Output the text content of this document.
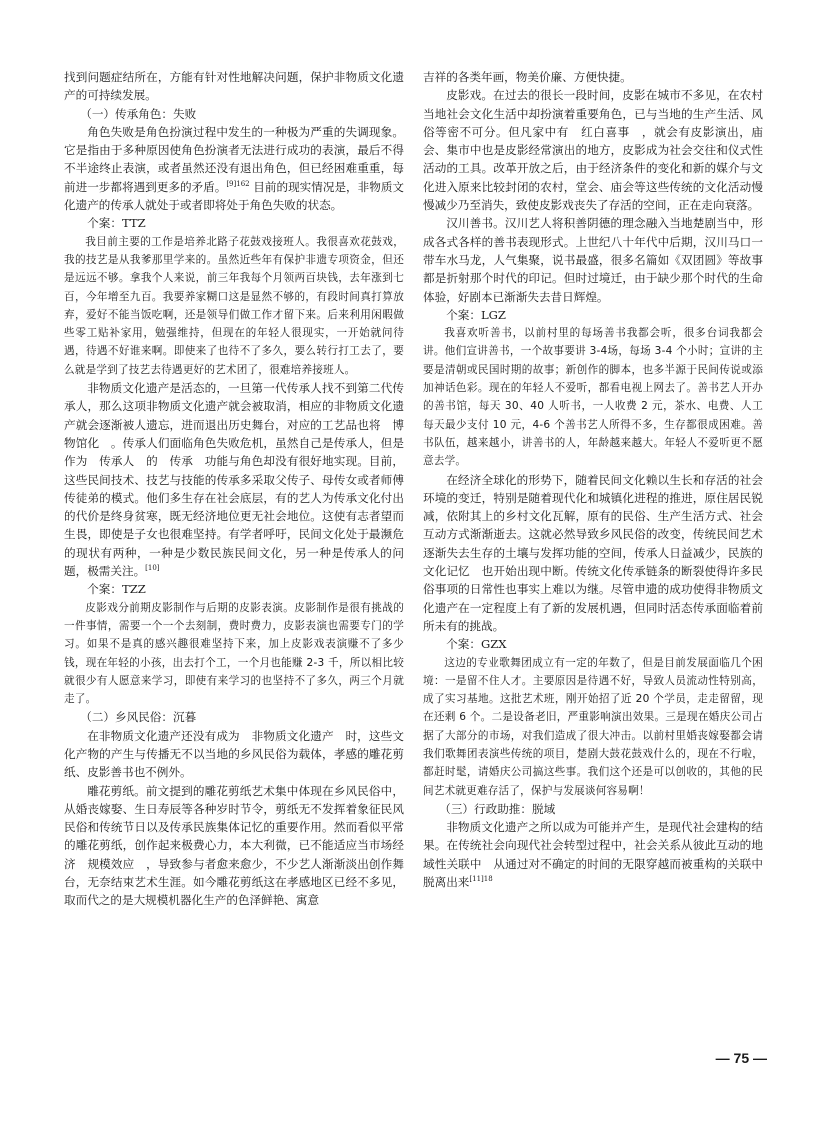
找到问题症结所在，方能有针对性地解决问题，保护非物质文化遗产的可持续发展。

（一）传承角色：失败

角色失败是角色扮演过程中发生的一种极为严重的失调现象。它是指由于多种原因使角色扮演者无法进行成功的表演，最后不得不半途终止表演，或者虽然还没有退出角色，但已经困难重重，每前进一步都将遇到更多的矛盾。$^{[9]162}$ 目前的现实情况是，非物质文化遗产的传承人就处于或者即将处于角色失败的状态。

个案：TTZ

我目前主要的工作是培养北路子花鼓戏接班人。我很喜欢花鼓戏，我的技艺是从我爹那里学来的。虽然近些年有保护非遗专项资金，但还是远远不够。拿我个人来说，前三年我每个月领两百块钱，去年涨到七百，今年增至九百。我要养家糊口这是显然不够的，有段时间真打算放弃，爱好不能当饭吃啊，还是领导们做工作才留下来。后来利用闲暇做些零工贴补家用，勉强维持，但现在的年轻人很现实，一开始就问待遇，待遇不好谁来啊。即使来了也待不了多久，要么转行打工去了，要么就是学到了技艺去待遇更好的艺术团了，很难培养接班人。

非物质文化遗产是活态的，一旦第一代传承人找不到第二代传承人，那么这项非物质文化遗产就会被取消，相应的非物质文化遗产就会逐渐被人遗忘，进而退出历史舞台，对应的工艺品也将　博物馆化　。传承人们面临角色失败危机，虽然自己是传承人，但是作为　传承人　的　传承　功能与角色却没有很好地实现。目前，这些民间技术、技艺与技能的传承多采取父传子、母传女或者师傅传徒弟的模式。他们多生存在社会底层，有的艺人为传承文化付出的代价是终身贫寒，既无经济地位更无社会地位。这使有志者望而生畏，即使是子女也很难坚持。有学者呼吁，民间文化处于最濒危的现状有两种，一种是少数民族民间文化，另一种是传承人的问题，极需关注。[10]

个案：TZZ

皮影戏分前期皮影制作与后期的皮影表演。皮影制作是很有挑战的一件事情，需要一个一个去刻制，费时费力，皮影表演也需要专门的学习。如果不是真的感兴趣很难坚持下来，加上皮影戏表演赚不了多少钱，现在年轻的小孩，出去打个工，一个月也能赚 2-3 千，所以相比较就很少有人愿意来学习，即使有来学习的也坚持不了多久，两三个月就走了。

（二）乡风民俗：沉暮

在非物质文化遗产还没有成为　非物质文化遗产　时，这些文化产物的产生与传播无不以当地的乡风民俗为载体，孝感的雕花剪纸、皮影善书也不例外。

雕花剪纸。前文提到的雕花剪纸艺术集中体现在乡风民俗中，从婚丧嫁娶、生日寿辰等各种岁时节令，剪纸无不发挥着象征民风民俗和传统节日以及传承民族集体记忆的重要作用。然而看似平常的雕花剪纸，创作起来极费心力，本大利微，已不能适应当市场经济　规模效应　，导致参与者愈来愈少，不少艺人渐渐淡出创作舞台，无奈结束艺术生涯。如今雕花剪纸这在孝感地区已经不多见，取而代之的是大规模机器化生产的色泽鲜艳、寓意

吉祥的各类年画，物美价廉、方便快捷。

皮影戏。在过去的很长一段时间，皮影在城市不多见，在农村当地社会文化生活中却扮演着重要角色，已与当地的生产生活、风俗等密不可分。但凡家中有　红白喜事　，就会有皮影演出，庙会、集市中也是皮影经常演出的地方，皮影成为社会交往和仪式性活动的工具。改革开放之后，由于经济条件的变化和新的媒介与文化进入原来比较封闭的农村，堂会、庙会等这些传统的文化活动慢慢减少乃至消失，致使皮影戏丧失了存活的空间，正在走向衰落。

汉川善书。汉川艺人将积善阴德的理念融入当地楚剧当中，形成各式各样的善书表现形式。上世纪八十年代中后期，汉川马口一带车水马龙，人气集聚，说书最盛，很多名篇如《双团圆》等故事都是折射那个时代的印记。但时过境迁，由于缺少那个时代的生命体验，好剧本已渐渐失去昔日辉煌。

个案：LGZ

我喜欢听善书，以前村里的每场善书我都会听，很多台词我都会讲。他们宣讲善书，一个故事要讲 3-4场，每场 3-4 个小时；宣讲的主要是清朝或民国时期的故事；新创作的脚本，也多半源于民间传说或添加神话色彩。现在的年轻人不爱听，都看电视上网去了。善书艺人开办的善书馆，每天 30、40 人听书，一人收费 2 元，茶水、电费、人工每天最少支付 10 元，4-6 个善书艺人所得不多，生存都很成困难。善书队伍，越来越小，讲善书的人，年龄越来越大。年轻人不爱听更不愿意去学。

在经济全球化的形势下，随着民间文化赖以生长和存活的社会环境的变迁，特别是随着现代化和城镇化进程的推进，原住居民锐减，依附其上的乡村文化瓦解，原有的民俗、生产生活方式、社会互动方式渐渐逝去。这就必然导致乡风民俗的改变，传统民间艺术逐渐失去生存的土壤与发挥功能的空间，传承人日益减少，民族的　文化记忆　也开始出现中断。传统文化传承链条的断裂使得许多民俗事项的日常性也事实上难以为继。尽管申遗的成功使得非物质文化遗产在一定程度上有了新的发展机遇，但同时活态传承面临着前所未有的挑战。

个案：GZX

这边的专业歌舞团成立有一定的年数了，但是目前发展面临几个困境：一是留不住人才。主要原因是待遇不好，导致人员流动性特别高，成了实习基地。这批艺术班，刚开始招了近 20 个学员，走走留留，现在还剩 6 个。二是设备老旧，严重影响演出效果。三是现在婚庆公司占据了大部分的市场，对我们造成了很大冲击。以前村里婚丧嫁娶都会请我们歌舞团表演些传统的项目，楚剧大鼓花鼓戏什么的，现在不行啦，都赶时髦，请婚庆公司搞这些事。我们这个还是可以创收的，其他的民间艺术就更难存活了，保护与发展谈何容易啊！

（三）行政助推：脱域

非物质文化遗产之所以成为可能并产生，是现代社会建构的结果。在传统社会向现代社会转型过程中，社会关系从彼此互动的地域性关联中　从通过对不确定的时间的无限穿越而被重构的关联中　脱离出来$^{[11]18}$

— 75 —
